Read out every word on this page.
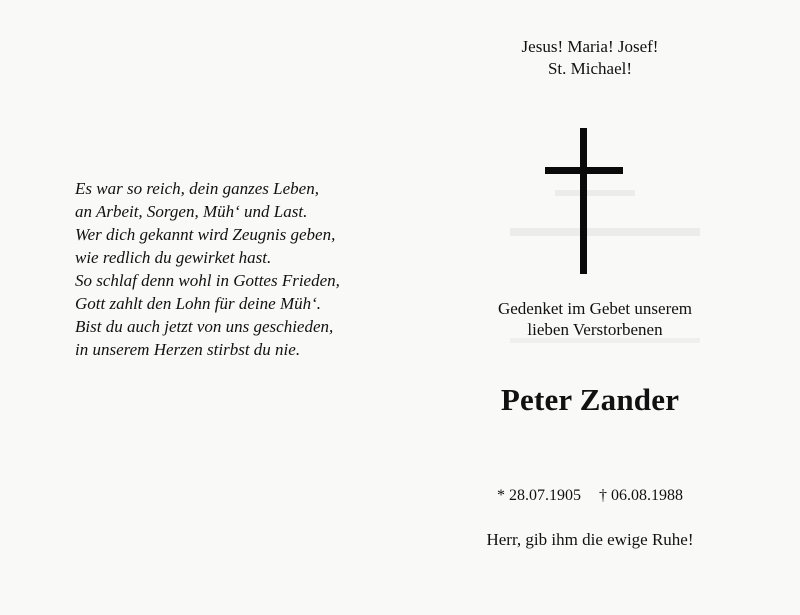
Es war so reich, dein ganzes Leben,
an Arbeit, Sorgen, Müh‘ und Last.
Wer dich gekannt wird Zeugnis geben,
wie redlich du gewirket hast.
So schlaf denn wohl in Gottes Frieden,
Gott zahlt den Lohn für deine Müh‘.
Bist du auch jetzt von uns geschieden,
in unserem Herzen stirbst du nie.
Jesus! Maria! Josef!
St. Michael!
Gedenket im Gebet unserem
lieben Verstorbenen
Peter Zander
* 28.07.1905 † 06.08.1988
Herr, gib ihm die ewige Ruhe!
